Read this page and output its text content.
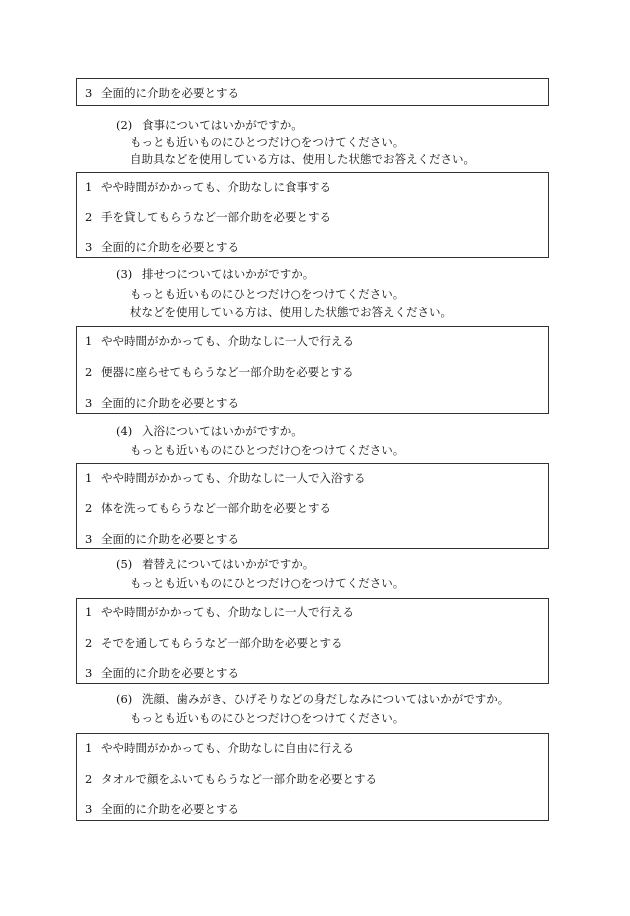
3 全面的に介助を必要とする
(2) 食事についてはいかがですか。
もっとも近いものにひとつだけ○をつけてください。
自助具などを使用している方は、使用した状態でお答えください。
1 やや時間がかかっても、介助なしに食事する
2 手を貸してもらうなど一部介助を必要とする
3 全面的に介助を必要とする
(3) 排せつについてはいかがですか。
もっとも近いものにひとつだけ○をつけてください。
杖などを使用している方は、使用した状態でお答えください。
1 やや時間がかかっても、介助なしに一人で行える
2 便器に座らせてもらうなど一部介助を必要とする
3 全面的に介助を必要とする
(4) 入浴についてはいかがですか。
もっとも近いものにひとつだけ○をつけてください。
1 やや時間がかかっても、介助なしに一人で入浴する
2 体を洗ってもらうなど一部介助を必要とする
3 全面的に介助を必要とする
(5) 着替えについてはいかがですか。
もっとも近いものにひとつだけ○をつけてください。
1 やや時間がかかっても、介助なしに一人で行える
2 そでを通してもらうなど一部介助を必要とする
3 全面的に介助を必要とする
(6) 洗顔、歯みがき、ひげそりなどの身だしなみについてはいかがですか。
もっとも近いものにひとつだけ○をつけてください。
1 やや時間がかかっても、介助なしに自由に行える
2 タオルで顔をふいてもらうなど一部介助を必要とする
3 全面的に介助を必要とする
